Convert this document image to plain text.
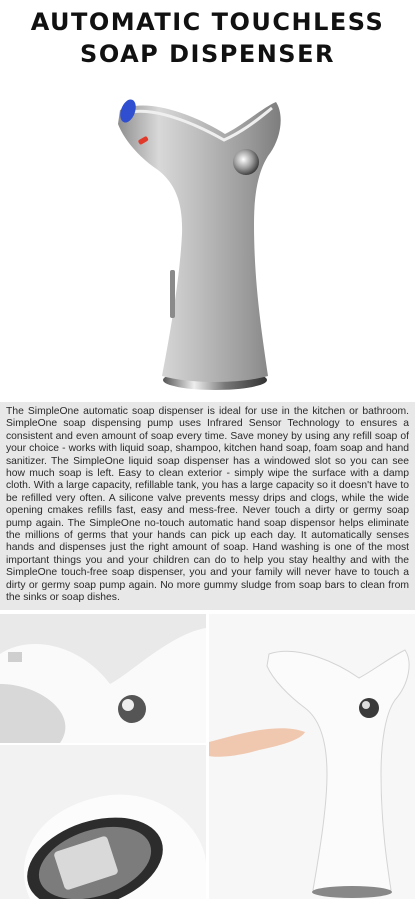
AUTOMATIC TOUCHLESS
SOAP DISPENSER

The SimpleOne automatic soap dispenser is ideal for use in the kitchen or bathroom. SimpleOne soap dispensing pump uses Infrared Sensor Technology to ensures a consistent and even amount of soap every time. Save money by using any refill soap of your choice - works with liquid soap, shampoo, kitchen hand soap, foam soap and hand sanitizer. The SimpleOne liquid soap dispenser has a windowed slot so you can see how much soap is left. Easy to clean exterior - simply wipe the surface with a damp cloth. With a large capacity, refillable tank, you has a large capacity so it doesn't have to be refilled very often. A silicone valve prevents messy drips and clogs, while the wide opening cmakes refills fast, easy and mess-free. Never touch a dirty or germy soap pump again. The SimpleOne no-touch automatic hand soap dispensor helps eliminate the millions of germs that your hands can pick up each day. It automatically senses hands and dispenses just the right amount of soap. Hand washing is one of the most important things you and your children can do to help you stay healthy and with the SimpleOne touch-free soap dispenser, you and your family will never have to touch a dirty or germy soap pump again. No more gummy sludge from soap bars to clean from the sinks or soap dishes.
